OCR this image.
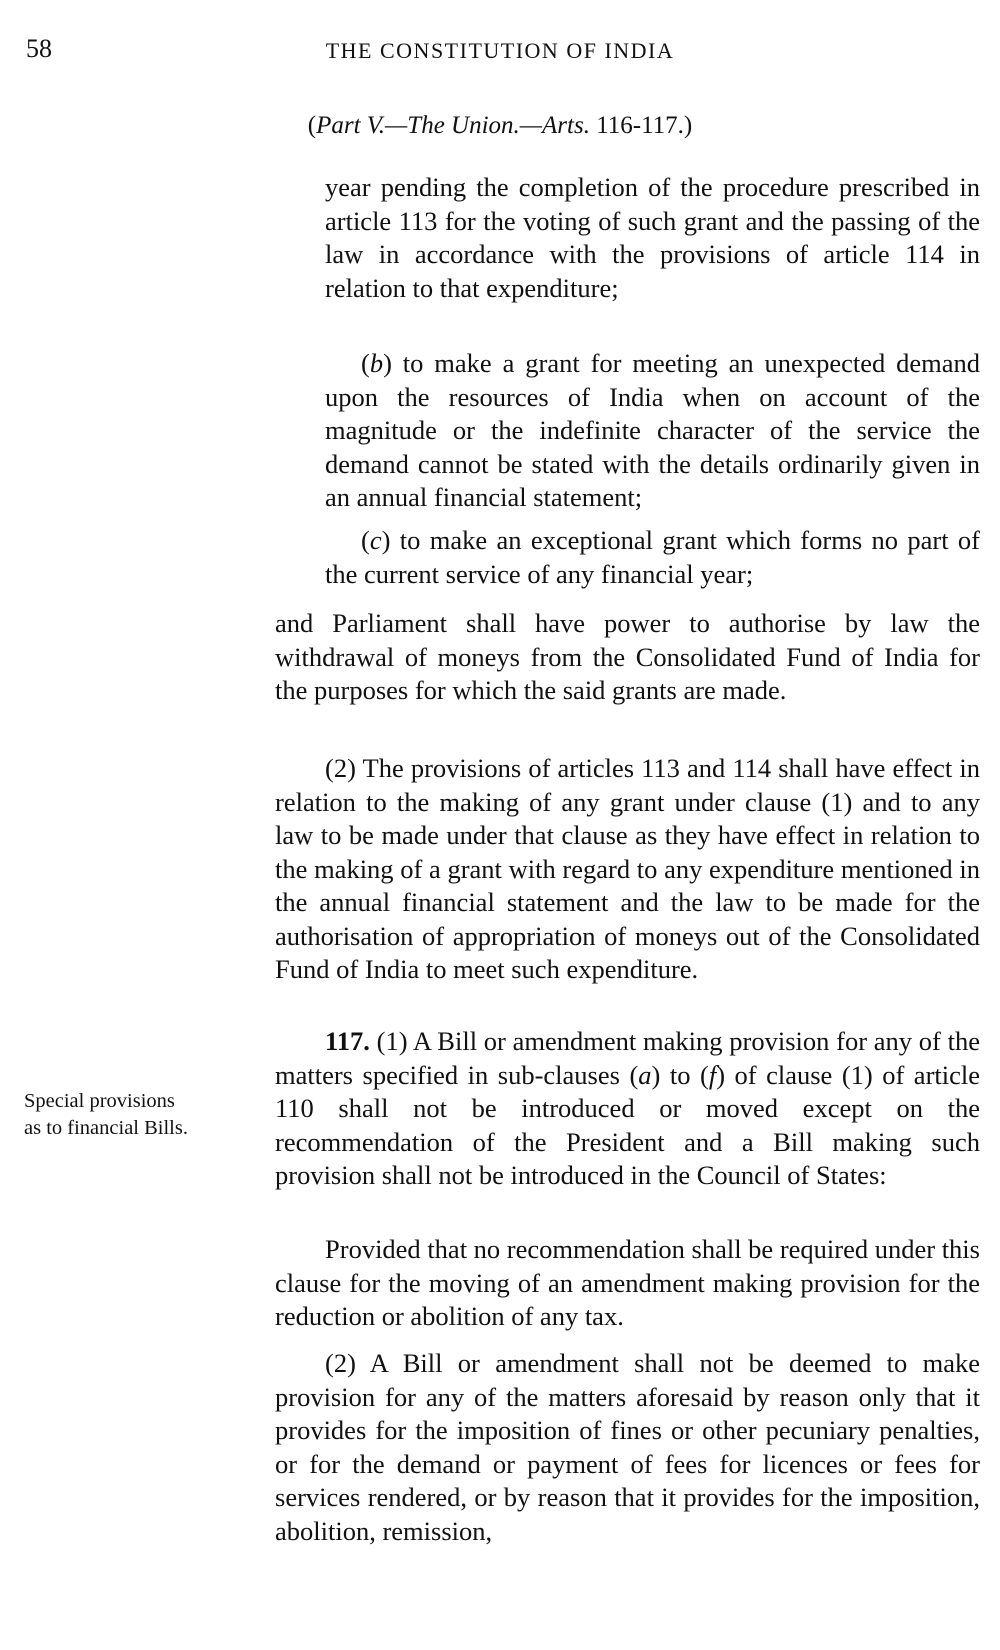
58	THE CONSTITUTION OF INDIA
(Part V.—The Union.—Arts. 116-117.)

year pending the completion of the procedure prescribed in article 113 for the voting of such grant and the passing of the law in accordance with the provisions of article 114 in relation to that expenditure;

(b) to make a grant for meeting an unexpected demand upon the resources of India when on account of the magnitude or the indefinite character of the service the demand cannot be stated with the details ordinarily given in an annual financial statement;

(c) to make an exceptional grant which forms no part of the current service of any financial year;

and Parliament shall have power to authorise by law the withdrawal of moneys from the Consolidated Fund of India for the purposes for which the said grants are made.

(2) The provisions of articles 113 and 114 shall have effect in relation to the making of any grant under clause (1) and to any law to be made under that clause as they have effect in relation to the making of a grant with regard to any expenditure mentioned in the annual financial statement and the law to be made for the authorisation of appropriation of moneys out of the Consolidated Fund of India to meet such expenditure.

Special provisions
as to financial Bills.

117. (1) A Bill or amendment making provision for any of the matters specified in sub-clauses (a) to (f) of clause (1) of article 110 shall not be introduced or moved except on the recommendation of the President and a Bill making such provision shall not be introduced in the Council of States:

Provided that no recommendation shall be required under this clause for the moving of an amendment making provision for the reduction or abolition of any tax.

(2) A Bill or amendment shall not be deemed to make provision for any of the matters aforesaid by reason only that it provides for the imposition of fines or other pecuniary penalties, or for the demand or payment of fees for licences or fees for services rendered, or by reason that it provides for the imposition, abolition, remission,
